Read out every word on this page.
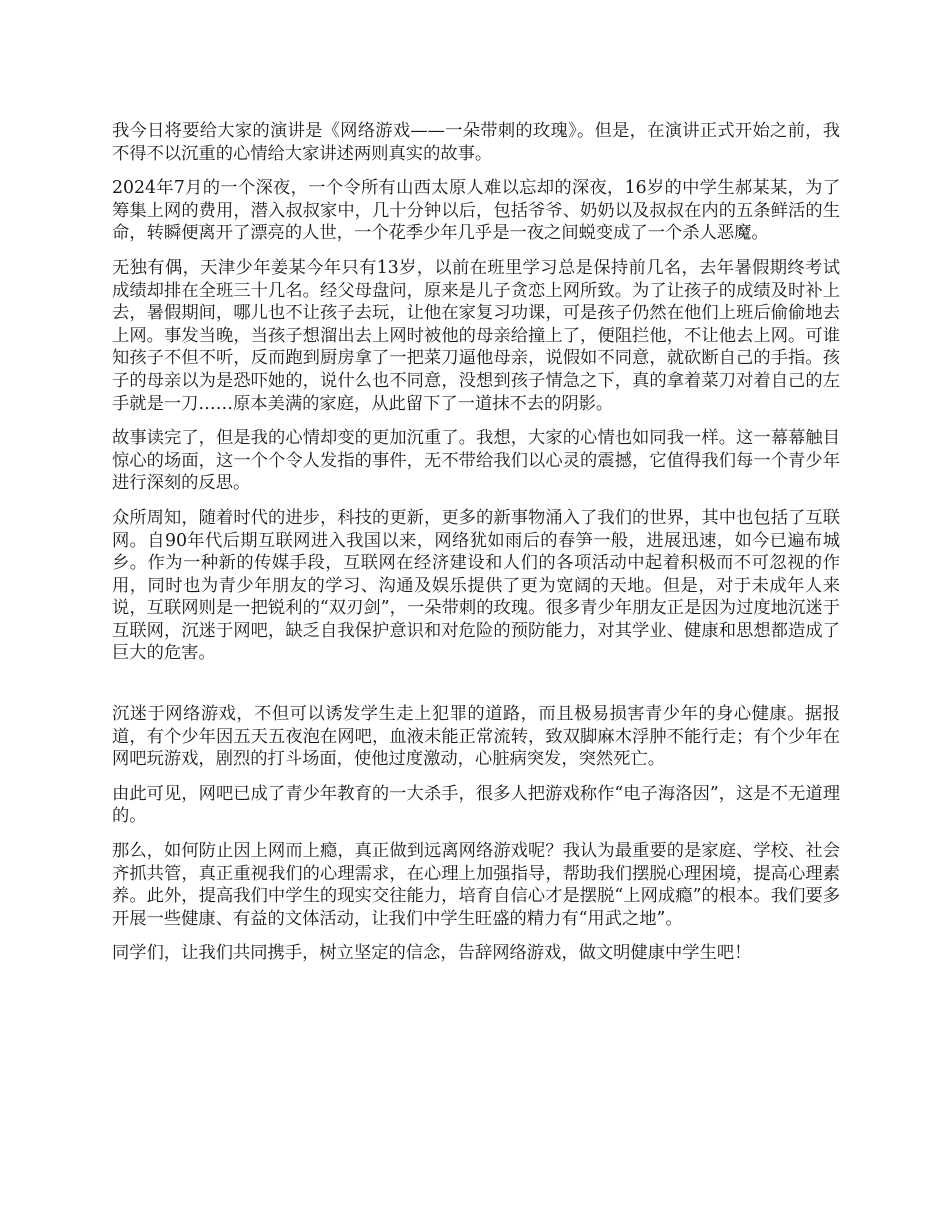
我今日将要给大家的演讲是《网络游戏——一朵带刺的玫瑰》。但是，在演讲正式开始之前，我不得不以沉重的心情给大家讲述两则真实的故事。

2024年7月的一个深夜，一个令所有山西太原人难以忘却的深夜，16岁的中学生郝某某，为了筹集上网的费用，潜入叔叔家中，几十分钟以后，包括爷爷、奶奶以及叔叔在内的五条鲜活的生命，转瞬便离开了漂亮的人世，一个花季少年几乎是一夜之间蜕变成了一个杀人恶魔。

无独有偶，天津少年姜某今年只有13岁，以前在班里学习总是保持前几名，去年暑假期终考试成绩却排在全班三十几名。经父母盘问，原来是儿子贪恋上网所致。为了让孩子的成绩及时补上去，暑假期间，哪儿也不让孩子去玩，让他在家复习功课，可是孩子仍然在他们上班后偷偷地去上网。事发当晚，当孩子想溜出去上网时被他的母亲给撞上了，便阻拦他，不让他去上网。可谁知孩子不但不听，反而跑到厨房拿了一把菜刀逼他母亲，说假如不同意，就砍断自己的手指。孩子的母亲以为是恐吓她的，说什么也不同意，没想到孩子情急之下，真的拿着菜刀对着自己的左手就是一刀……原本美满的家庭，从此留下了一道抹不去的阴影。

故事读完了，但是我的心情却变的更加沉重了。我想，大家的心情也如同我一样。这一幕幕触目惊心的场面，这一个个令人发指的事件，无不带给我们以心灵的震撼，它值得我们每一个青少年进行深刻的反思。

众所周知，随着时代的进步，科技的更新，更多的新事物涌入了我们的世界，其中也包括了互联网。自90年代后期互联网进入我国以来，网络犹如雨后的春笋一般，进展迅速，如今已遍布城乡。作为一种新的传媒手段，互联网在经济建设和人们的各项活动中起着积极而不可忽视的作用，同时也为青少年朋友的学习、沟通及娱乐提供了更为宽阔的天地。但是，对于未成年人来说，互联网则是一把锐利的“双刃剑”，一朵带刺的玫瑰。很多青少年朋友正是因为过度地沉迷于互联网，沉迷于网吧，缺乏自我保护意识和对危险的预防能力，对其学业、健康和思想都造成了巨大的危害。

沉迷于网络游戏，不但可以诱发学生走上犯罪的道路，而且极易损害青少年的身心健康。据报道，有个少年因五天五夜泡在网吧，血液未能正常流转，致双脚麻木浮肿不能行走；有个少年在网吧玩游戏，剧烈的打斗场面，使他过度激动，心脏病突发，突然死亡。

由此可见，网吧已成了青少年教育的一大杀手，很多人把游戏称作“电子海洛因”，这是不无道理的。

那么，如何防止因上网而上瘾，真正做到远离网络游戏呢？我认为最重要的是家庭、学校、社会齐抓共管，真正重视我们的心理需求，在心理上加强指导，帮助我们摆脱心理困境，提高心理素养。此外，提高我们中学生的现实交往能力，培育自信心才是摆脱“上网成瘾”的根本。我们要多开展一些健康、有益的文体活动，让我们中学生旺盛的精力有“用武之地”。

同学们，让我们共同携手，树立坚定的信念，告辞网络游戏，做文明健康中学生吧！
